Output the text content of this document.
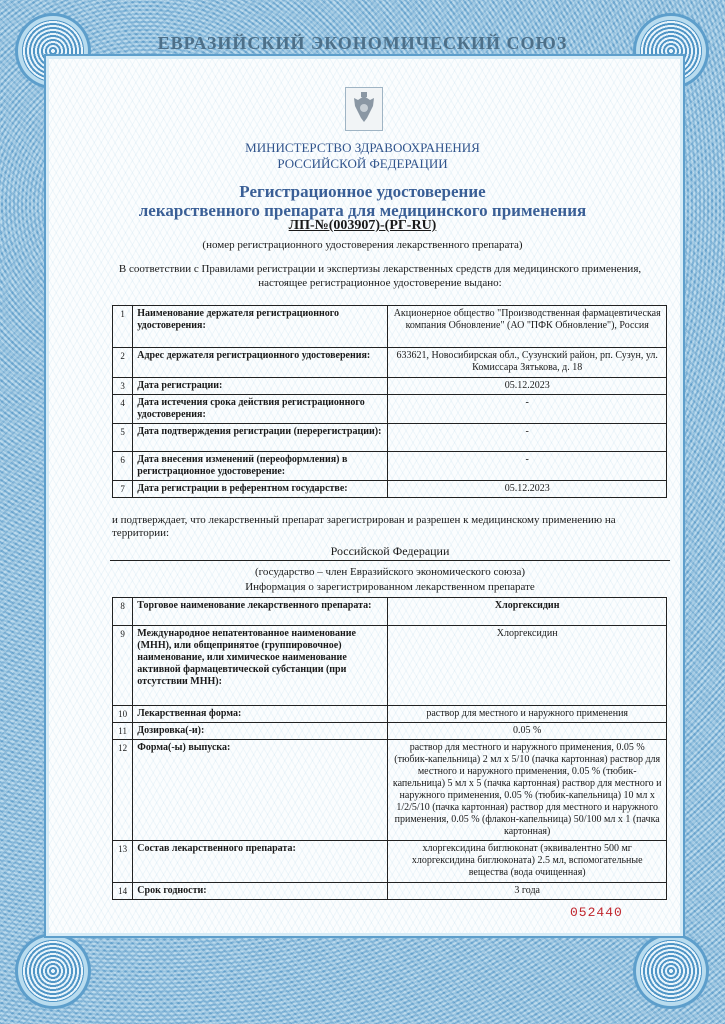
ЕВРАЗИЙСКИЙ ЭКОНОМИЧЕСКИЙ СОЮЗ
МИНИСТЕРСТВО ЗДРАВООХРАНЕНИЯ
РОССИЙСКОЙ ФЕДЕРАЦИИ
Регистрационное удостоверение
лекарственного препарата для медицинского применения
ЛП-№(003907)-(РГ-RU)
(номер регистрационного удостоверения лекарственного препарата)
В соответствии с Правилами регистрации и экспертизы лекарственных средств для медицинского применения, настоящее регистрационное удостоверение выдано:
1	Наименование держателя регистрационного удостоверения:	Акционерное общество "Производственная фармацевтическая компания Обновление" (АО "ПФК Обновление"), Россия
2	Адрес держателя регистрационного удостоверения:	633621, Новосибирская обл., Сузунский район, рп. Сузун, ул. Комиссара Зятькова, д. 18
3	Дата регистрации:	05.12.2023
4	Дата истечения срока действия регистрационного удостоверения:	-
5	Дата подтверждения регистрации (перерегистрации):	-
6	Дата внесения изменений (переоформления) в регистрационное удостоверение:	-
7	Дата регистрации в референтном государстве:	05.12.2023
и подтверждает, что лекарственный препарат зарегистрирован и разрешен к медицинскому применению на территории:
Российской Федерации
(государство – член Евразийского экономического союза)
Информация о зарегистрированном лекарственном препарате
8	Торговое наименование лекарственного препарата:	Хлоргексидин
9	Международное непатентованное наименование (МНН), или общепринятое (группировочное) наименование, или химическое наименование активной фармацевтической субстанции (при отсутствии МНН):	Хлоргексидин
10	Лекарственная форма:	раствор для местного и наружного применения
11	Дозировка(-и):	0.05 %
12	Форма(-ы) выпуска:	раствор для местного и наружного применения, 0.05 % (тюбик-капельница) 2 мл x 5/10 (пачка картонная) раствор для местного и наружного применения, 0.05 % (тюбик-капельница) 5 мл x 5 (пачка картонная) раствор для местного и наружного применения, 0.05 % (тюбик-капельница) 10 мл x 1/2/5/10 (пачка картонная) раствор для местного и наружного применения, 0.05 % (флакон-капельница) 50/100 мл x 1 (пачка картонная)
13	Состав лекарственного препарата:	хлоргексидина биглюконат (эквивалентно 500 мг хлоргексидина биглюконата) 2.5 мл, вспомогательные вещества (вода очищенная)
14	Срок годности:	3 года
052440
